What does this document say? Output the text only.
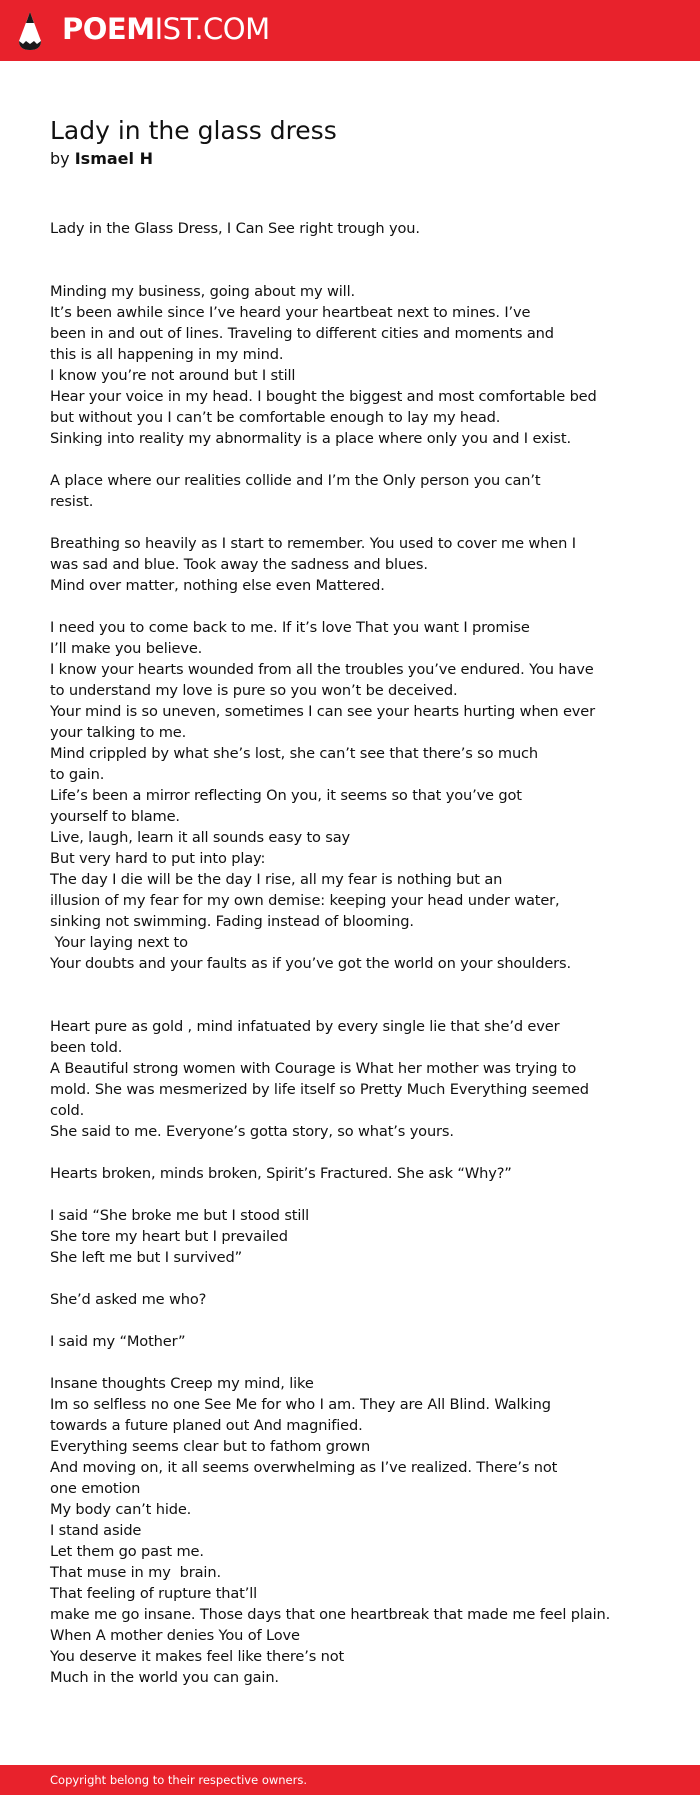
POEMIST.COM
Lady in the glass dress
by Ismael H
Lady in the Glass Dress, I Can See right trough you.
Minding my business, going about my will.
It’s been awhile since I’ve heard your heartbeat next to mines. I’ve
been in and out of lines. Traveling to different cities and moments and
this is all happening in my mind.
I know you’re not around but I still
Hear your voice in my head. I bought the biggest and most comfortable bed
but without you I can’t be comfortable enough to lay my head.
Sinking into reality my abnormality is a place where only you and I exist.
A place where our realities collide and I’m the Only person you can’t
resist.
Breathing so heavily as I start to remember. You used to cover me when I
was sad and blue. Took away the sadness and blues.
Mind over matter, nothing else even Mattered.
I need you to come back to me. If it’s love That you want I promise
I’ll make you believe.
I know your hearts wounded from all the troubles you’ve endured. You have
to understand my love is pure so you won’t be deceived.
Your mind is so uneven, sometimes I can see your hearts hurting when ever
your talking to me.
Mind crippled by what she’s lost, she can’t see that there’s so much
to gain.
Life’s been a mirror reflecting On you, it seems so that you’ve got
yourself to blame.
Live, laugh, learn it all sounds easy to say
But very hard to put into play:
The day I die will be the day I rise, all my fear is nothing but an
illusion of my fear for my own demise: keeping your head under water,
sinking not swimming. Fading instead of blooming.
Your laying next to
Your doubts and your faults as if you’ve got the world on your shoulders.
Heart pure as gold , mind infatuated by every single lie that she’d ever
been told.
A Beautiful strong women with Courage is What her mother was trying to
mold. She was mesmerized by life itself so Pretty Much Everything seemed
cold.
She said to me. Everyone’s gotta story, so what’s yours.
Hearts broken, minds broken, Spirit’s Fractured. She ask “Why?”
I said “She broke me but I stood still
She tore my heart but I prevailed
She left me but I survived”
She’d asked me who?
I said my “Mother”
Insane thoughts Creep my mind, like
Im so selfless no one See Me for who I am. They are All Blind. Walking
towards a future planed out And magnified.
Everything seems clear but to fathom grown
And moving on, it all seems overwhelming as I’ve realized. There’s not
one emotion
My body can’t hide.
I stand aside
Let them go past me.
That muse in my  brain.
That feeling of rupture that’ll
make me go insane. Those days that one heartbreak that made me feel plain.
When A mother denies You of Love
You deserve it makes feel like there’s not
Much in the world you can gain.
Copyright belong to their respective owners.
